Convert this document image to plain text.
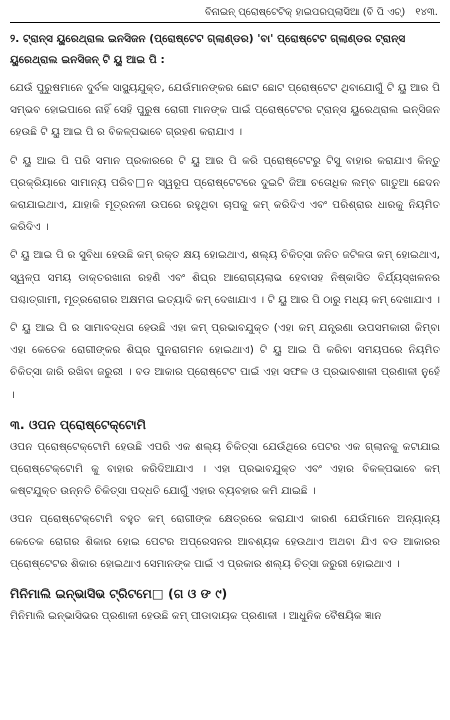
ବିନାଇନ୍ ପ୍ରୋଷ୍ଟେଟିକ୍ ହାଇପରପ୍ଲାସିଆ (ବି ପି ଏଚ୍) ୧୪୩.

୨. ଟ୍ରାନ୍ସ ୟୁରେଥ୍ରାଲ ଇନସିଜନ (ପ୍ରୋଷ୍ଟେଟ ଗ୍ଲାଣ୍ଡର) 'ବା' ପ୍ରୋଷ୍ଟେଟ ଗ୍ଲାଣ୍ଡର ଟ୍ରାନ୍ସ ୟୁରେଥ୍ରାଲ ଇନସିଜନ୍ ଟି ୟୁ ଆଇ ପି :

ଯେଉଁ ପୁରୁଷମାନେ ଦୁର୍ବଳ ସାସ୍ଥ୍ୟଯୁକ୍ତ, ଯେଉଁମାନଙ୍କର ଛୋଟ ଛୋଟ ପ୍ରୋଷ୍ଟେଟ ଥିବାଯୋଗୁଁ ଟି ୟୁ ଆର ପି ସମ୍ଭବ ହୋଇପାରେ ନାହିଁ ସେହି ପୁରୁଷ ରୋଗୀ ମାନଙ୍କ ପାଇଁ ପ୍ରୋଷ୍ଟେଟର ଟ୍ରାନ୍ସ ୟୁରେଥ୍ରାଲ ଇନ୍ସିଜନ ହେଉଛି ଟି ୟୁ ଆଇ ପି ର ବିକଳ୍ପଭାବେ ଗ୍ରହଣ କରାଯାଏ ।

ଟି ୟୁ ଆଇ ପି ପରି ସମାନ ପ୍ରକାରରେ ଟି ୟୁ ଆର ପି କରି ପ୍ରୋଷ୍ଟେଟରୁ ଟିସୁ ବାହାର କରାଯାଏ କିନ୍ତୁ ପ୍ରକ୍ରିୟାରେ ସାମାନ୍ୟ ପରିବ□ନ ସ୍ୱରୂପ ପ୍ରୋଷ୍ଟେଟରେ ଦୁଇଟି ଜିଆ ଚତୋଧିକ ଲମ୍ବ ଗାତୁଆ ଛେଦନ କରାଯାଇଥାଏ, ଯାହାକି ମୂତ୍ରନଳୀ ଉପରେ ରହୁଥିବା ଚାପକୁ କମ୍ କରିଦିଏ ଏବଂ ପରିଶ୍ରାର ଧାରକୁ ନିୟମିତ କରିଦିଏ ।

ଟି ୟୁ ଆଇ ପି ର ସୁବିଧା ହେଉଛି କମ୍ ରକ୍ତ କ୍ଷୟ ହୋଇଥାଏ, ଶଲ୍ୟ ଚିକିତ୍ସା ଜନିତ ଜଟିଳତା କମ୍ ହୋଇଥାଏ, ସ୍ୱଳ୍ପ ସମୟ ଡାକ୍ତରଖାନା ରହଣି ଏବଂ ଶିଘ୍ର ଆରୋଗ୍ୟଲାଭ ହେବାସହ ନିଷ୍କାସିତ ବିର୍ଯ୍ୟସ୍ଖଳନର ପଶ୍ଚାତ୍‌ଗାମୀ, ମୂତ୍ରରୋଗର ଅକ୍ଷମତା ଇତ୍ୟାଦି କମ୍ ଦେଖାଯାଏ । ଟି ୟୁ ଆର ପି ଠାରୁ ମଧ୍ୟ କମ୍ ଦେଖାଯାଏ ।

ଟି ୟୁ ଆଇ ପି ର ସାମାବଦ୍ଧତା ହେଉଛି ଏହା କମ୍ ପ୍ରଭାବଯୁକ୍ତ (ଏହା କମ୍ ଯନ୍ତ୍ରଣା ଉପସମକାରୀ କିମ୍ବା ଏହା କେତେକ ରୋଗୀଙ୍କର ଶିଘ୍ର ପୁନରାଗମନ ହୋଇଥାଏ) ଟି ୟୁ ଆଇ ପି କରିବା ସମୟପରେ ନିୟମିତ ଚିକିତ୍ସା ଜାରି ରଖିବା ଜରୁରୀ । ବଡ ଆକାର ପ୍ରୋଷ୍ଟେଟ ପାଇଁ ଏହା ସଫଳ ଓ ପ୍ରଭାବଶାଳୀ ପ୍ରଣାଳୀ ନୁହେଁ ।

୩. ଓପନ ପ୍ରୋଷ୍ଟେକ୍‌ଟୋମି

ଓପନ ପ୍ରୋଷ୍ଟେକ୍‌ଟୋମି ହେଉଛି ଏପରି ଏକ ଶଲ୍ୟ ଚିକିତ୍ସା ଯେଉଁଥିରେ ପେଟର ଏକ ଗ୍ଲାନକୁ କଟାଯାଇ ପ୍ରୋଷ୍ଟେକ୍‌ଟୋମି କୁ ବାହାର କରିଦିଆଯାଏ । ଏହା ପ୍ରଭାବଯୁକ୍ତ ଏବଂ ଏହାର ବିକଳ୍ପଭାବେ କମ୍ କଷ୍ଟଯୁକ୍ତ ଉନ୍ନତି ଚିକିତ୍ସା ପଦ୍ଧତି ଯୋଗୁଁ ଏହାର ବ୍ୟବହାର କମି ଯାଇଛି ।

ଓପନ ପ୍ରୋଷ୍ଟେକ୍‌ଟୋମି ବହୁତ କମ୍ ରୋଗୀଙ୍କ କ୍ଷେତ୍ରରେ କରାଯାଏ କାରଣ ଯେଉଁମାନେ ଅନ୍ୟାନ୍ୟ କେତେକ ରୋଗର ଶିକାର ହୋଇ ପେଟର ଅପ୍ରେସନର ଆବଶ୍ୟକ ହେଉଥାଏ ଅଥବା ଯିଏ ବଡ ଆକାରର ପ୍ରୋଷ୍ଟେଟର ଶିକାର ହୋଇଥାଏ ସେମାନଙ୍କ ପାଇଁ ଏ ପ୍ରକାର ଶଲ୍ୟ ଚିତ୍ସା ଜରୁରୀ ହୋଇଥାଏ ।

ମିନିମାଲି ଇନ୍‌ଭାସିଭ ଟ୍ରିଟମେ□ (ଗ ଓ ଙ ୯)

ମିନିମାଲି ଇନ୍‌ଭାସିଭର ପ୍ରଣାଳୀ ହେଉଛି କମ୍ ପୀଡାଦାୟକ ପ୍ରଣାଳୀ । ଆଧୁନିକ ବୈଷୟିକ ଜ୍ଞାନ
